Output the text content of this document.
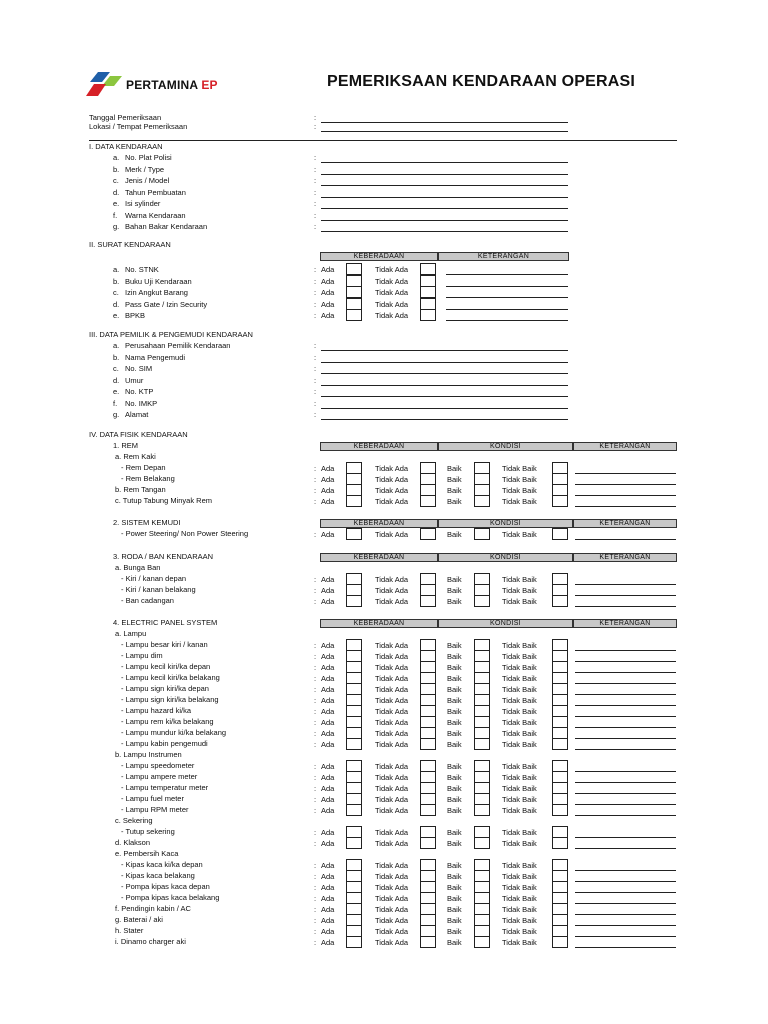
PERTAMINA EP	PEMERIKSAAN KENDARAAN OPERASI
Tanggal Pemeriksaan	:
Lokasi / Tempat Pemeriksaan	:
I. DATA KENDARAAN
a. No. Plat Polisi	:
b. Merk / Type	:
c. Jenis / Model	:
d. Tahun Pembuatan	:
e. Isi sylinder	:
f. Warna Kendaraan	:
g. Bahan Bakar Kendaraan	:
II. SURAT KENDARAAN
KEBERADAAN	KETERANGAN
a. No. STNK	: Ada	Tidak Ada
b. Buku Uji Kendaraan	: Ada	Tidak Ada
c. Izin Angkut Barang	: Ada	Tidak Ada
d. Pass Gate / Izin Security	: Ada	Tidak Ada
e. BPKB	: Ada	Tidak Ada
III. DATA PEMILIK & PENGEMUDI KENDARAAN
a. Perusahaan Pemilik Kendaraan	:
b. Nama Pengemudi	:
c. No. SIM	:
d. Umur	:
e. No. KTP	:
f. No. IMKP	:
g. Alamat	:
IV. DATA FISIK KENDARAAN
1. REM	KEBERADAAN	KONDISI	KETERANGAN
a. Rem Kaki
- Rem Depan	: Ada	Tidak Ada	Baik	Tidak Baik
- Rem Belakang	: Ada	Tidak Ada	Baik	Tidak Baik
b. Rem Tangan	: Ada	Tidak Ada	Baik	Tidak Baik
c. Tutup Tabung Minyak Rem	: Ada	Tidak Ada	Baik	Tidak Baik
2. SISTEM KEMUDI	KEBERADAAN	KONDISI	KETERANGAN
- Power Steering/ Non Power Steering	: Ada	Tidak Ada	Baik	Tidak Baik
3. RODA / BAN KENDARAAN	KEBERADAAN	KONDISI	KETERANGAN
a. Bunga Ban
- Kiri / kanan depan	: Ada	Tidak Ada	Baik	Tidak Baik
- Kiri / kanan belakang	: Ada	Tidak Ada	Baik	Tidak Baik
- Ban cadangan	: Ada	Tidak Ada	Baik	Tidak Baik
4. ELECTRIC PANEL SYSTEM	KEBERADAAN	KONDISI	KETERANGAN
a. Lampu
- Lampu besar kiri / kanan	: Ada	Tidak Ada	Baik	Tidak Baik
- Lampu dim	: Ada	Tidak Ada	Baik	Tidak Baik
- Lampu kecil kiri/ka depan	: Ada	Tidak Ada	Baik	Tidak Baik
- Lampu kecil kiri/ka belakang	: Ada	Tidak Ada	Baik	Tidak Baik
- Lampu sign kiri/ka depan	: Ada	Tidak Ada	Baik	Tidak Baik
- Lampu sign kiri/ka belakang	: Ada	Tidak Ada	Baik	Tidak Baik
- Lampu hazard ki/ka	: Ada	Tidak Ada	Baik	Tidak Baik
- Lampu rem ki/ka belakang	: Ada	Tidak Ada	Baik	Tidak Baik
- Lampu mundur ki/ka belakang	: Ada	Tidak Ada	Baik	Tidak Baik
- Lampu kabin pengemudi	: Ada	Tidak Ada	Baik	Tidak Baik
b. Lampu Instrumen
- Lampu speedometer	: Ada	Tidak Ada	Baik	Tidak Baik
- Lampu ampere meter	: Ada	Tidak Ada	Baik	Tidak Baik
- Lampu temperatur meter	: Ada	Tidak Ada	Baik	Tidak Baik
- Lampu fuel meter	: Ada	Tidak Ada	Baik	Tidak Baik
- Lampu RPM meter	: Ada	Tidak Ada	Baik	Tidak Baik
c. Sekering
- Tutup sekering	: Ada	Tidak Ada	Baik	Tidak Baik
d. Klakson	: Ada	Tidak Ada	Baik	Tidak Baik
e. Pembersih Kaca
- Kipas kaca ki/ka depan	: Ada	Tidak Ada	Baik	Tidak Baik
- Kipas kaca belakang	: Ada	Tidak Ada	Baik	Tidak Baik
- Pompa kipas kaca depan	: Ada	Tidak Ada	Baik	Tidak Baik
- Pompa kipas kaca belakang	: Ada	Tidak Ada	Baik	Tidak Baik
f. Pendingin kabin / AC	: Ada	Tidak Ada	Baik	Tidak Baik
g. Baterai / aki	: Ada	Tidak Ada	Baik	Tidak Baik
h. Stater	: Ada	Tidak Ada	Baik	Tidak Baik
i. Dinamo charger aki	: Ada	Tidak Ada	Baik	Tidak Baik
